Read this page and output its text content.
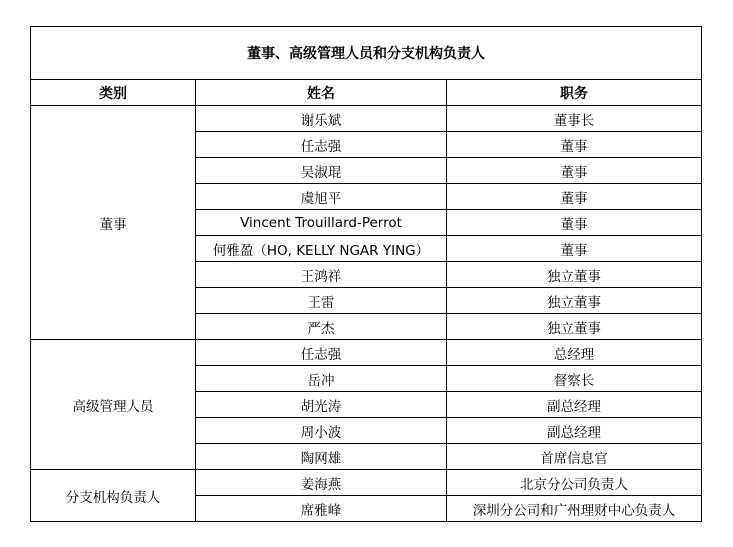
董事、高级管理人员和分支机构负责人		
类别	姓名	职务
董事	谢乐斌	董事长
	任志强	董事
	吴淑琨	董事
	虞旭平	董事
	Vincent Trouillard-Perrot	董事
	何雅盈（HO, KELLY NGAR YING）	董事
	王鸿祥	独立董事
	王雷	独立董事
	严杰	独立董事
高级管理人员	任志强	总经理
	岳冲	督察长
	胡光涛	副总经理
	周小波	副总经理
	陶网雄	首席信息官
分支机构负责人	姜海燕	北京分公司负责人
	席雅峰	深圳分公司和广州理财中心负责人
